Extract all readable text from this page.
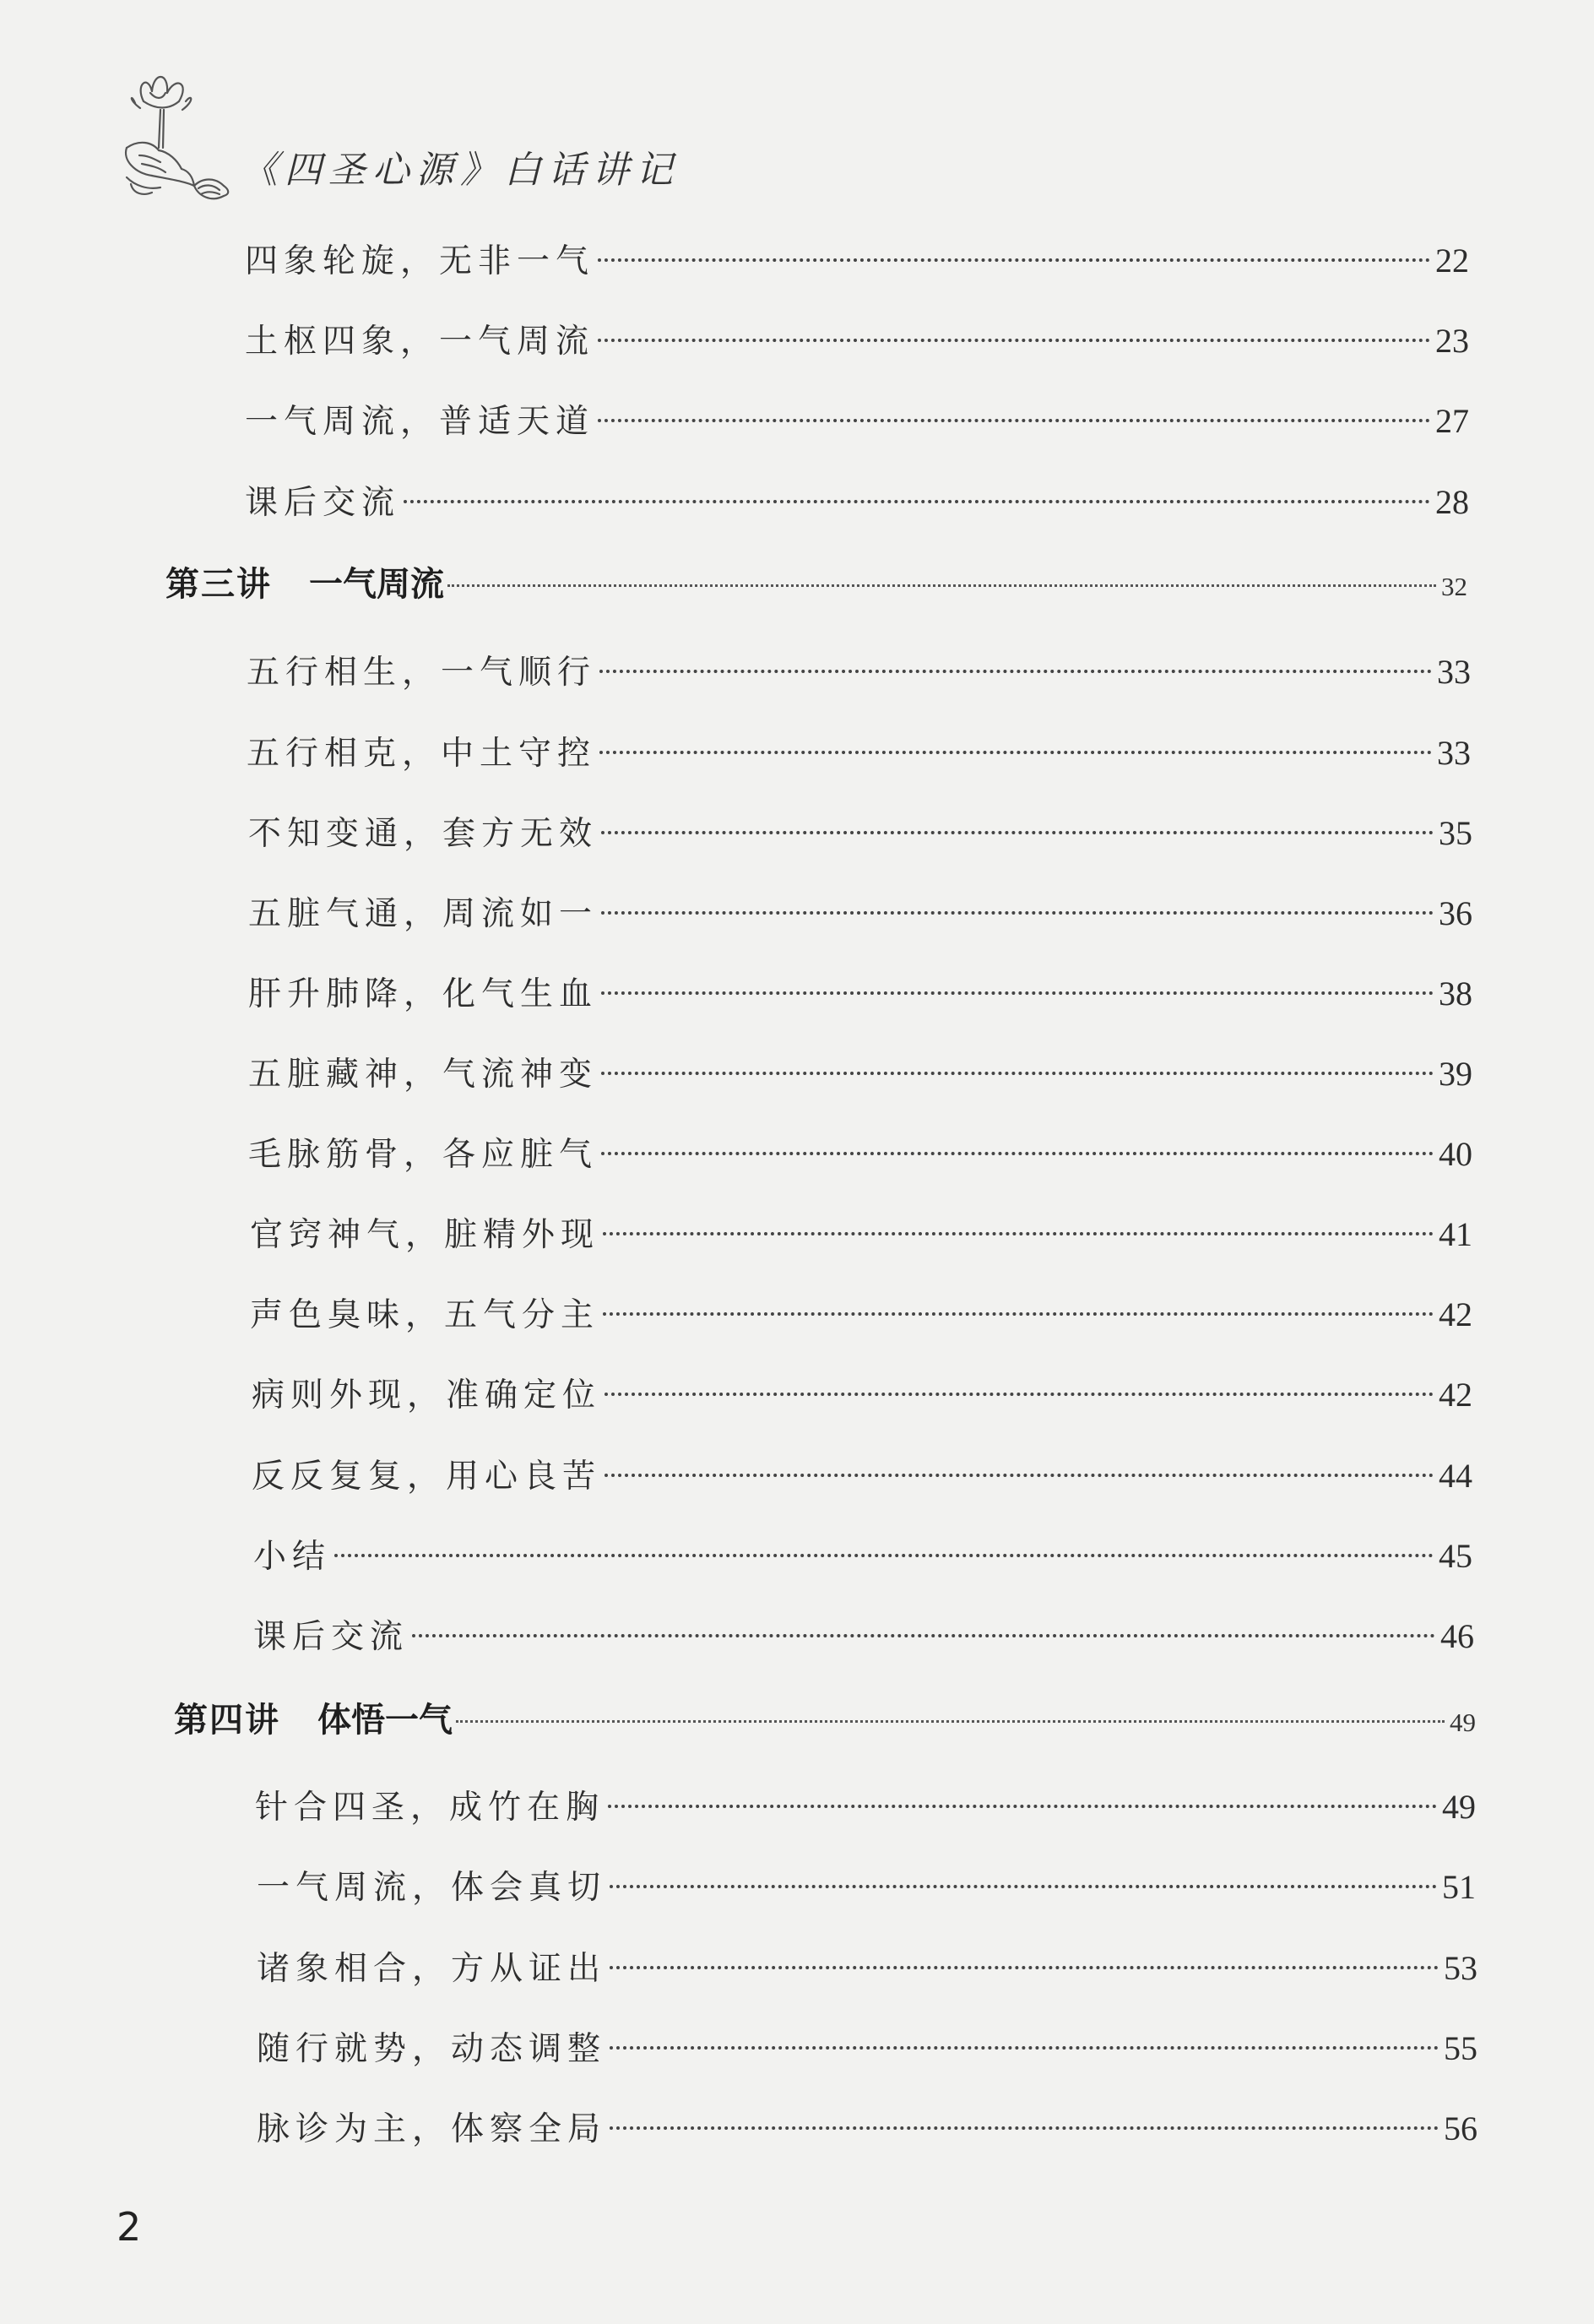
《四圣心源》白话讲记
四象轮旋，无非一气	22
土枢四象，一气周流	23
一气周流，普适天道	27
课后交流	28
第三讲 一气周流	32
五行相生，一气顺行	33
五行相克，中土守控	33
不知变通，套方无效	35
五脏气通，周流如一	36
肝升肺降，化气生血	38
五脏藏神，气流神变	39
毛脉筋骨，各应脏气	40
官窍神气，脏精外现	41
声色臭味，五气分主	42
病则外现，准确定位	42
反反复复，用心良苦	44
小结	45
课后交流	46
第四讲 体悟一气	49
针合四圣，成竹在胸	49
一气周流，体会真切	51
诸象相合，方从证出	53
随行就势，动态调整	55
脉诊为主，体察全局	56
2
